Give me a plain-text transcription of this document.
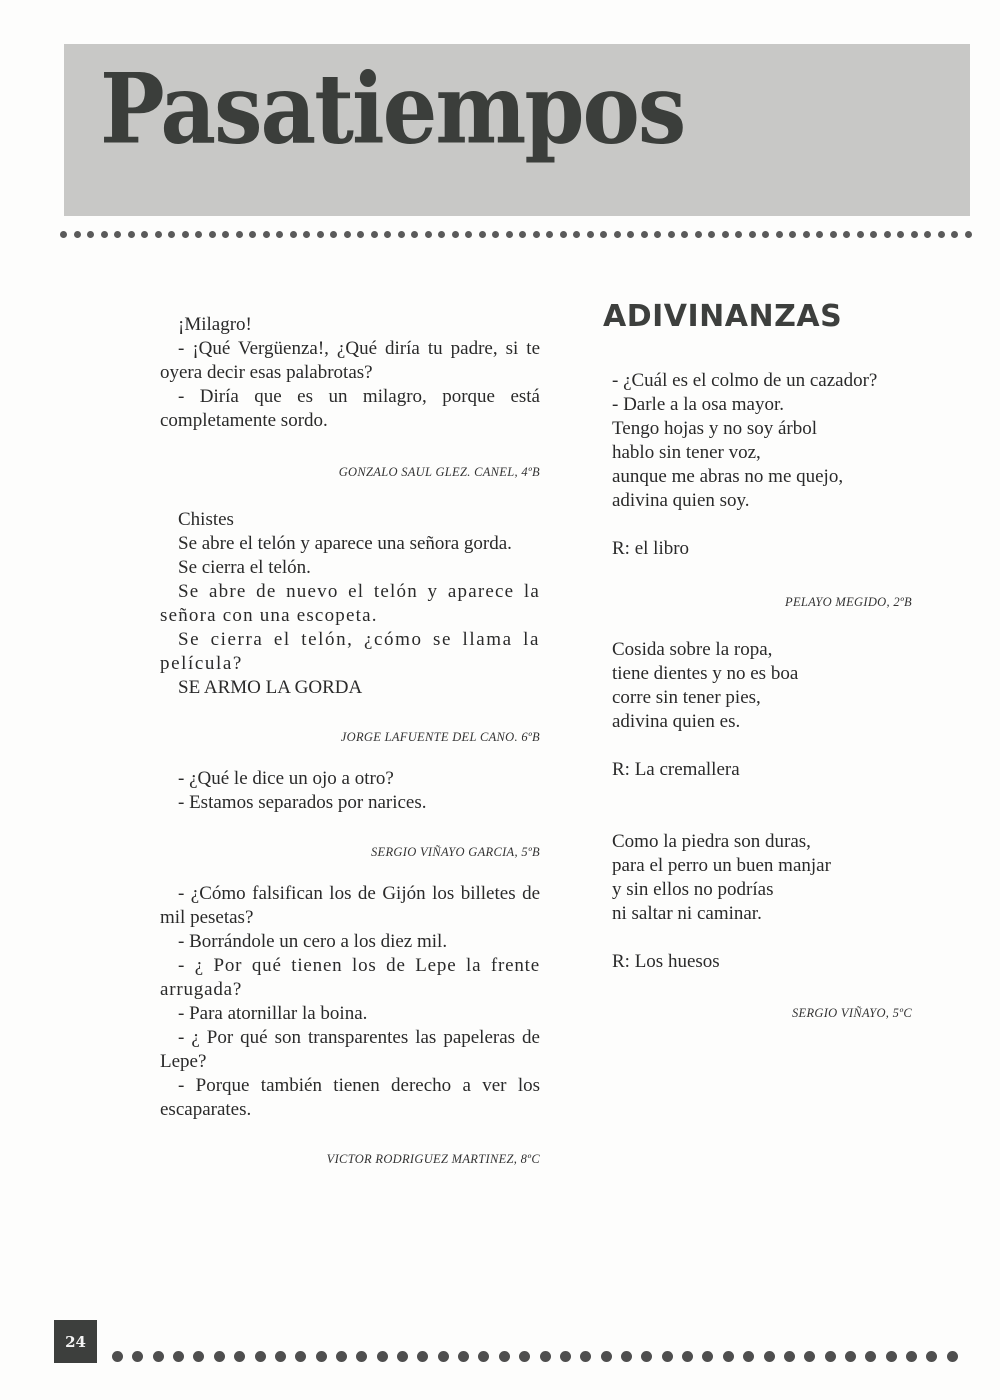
Pasatiempos

¡Milagro!

- ¡Qué Vergüenza!, ¿Qué diría tu padre, si te oyera decir esas palabrotas?

- Diría que es un milagro, porque está completamente sordo.

GONZALO SAUL GLEZ. CANEL, 4ºB

Chistes

Se abre el telón y aparece una señora gorda.

Se cierra el telón.

Se abre de nuevo el telón y aparece la señora con una escopeta.

Se cierra el telón, ¿cómo se llama la película?

SE ARMO LA GORDA

JORGE LAFUENTE DEL CANO. 6ºB

- ¿Qué le dice un ojo a otro?

- Estamos separados por narices.

SERGIO VIÑAYO GARCIA, 5ºB

- ¿Cómo falsifican los de Gijón los billetes de mil pesetas?

- Borrándole un cero a los diez mil.

- ¿ Por qué tienen los de Lepe la frente arrugada?

- Para atornillar la boina.

- ¿ Por qué son transparentes las papeleras de Lepe?

- Porque también tienen derecho a ver los escaparates.

VICTOR RODRIGUEZ MARTINEZ, 8ºC

ADIVINANZAS

- ¿Cuál es el colmo de un cazador?

- Darle a la osa mayor.

Tengo hojas y no soy árbol

hablo sin tener voz,

aunque me abras no me quejo,

adivina quien soy.

R: el libro

PELAYO MEGIDO, 2ºB

Cosida sobre la ropa,

tiene dientes y no es boa

corre sin tener pies,

adivina quien es.

R: La cremallera

Como la piedra son duras,

para el perro un buen manjar

y sin ellos no podrías

ni saltar ni caminar.

R: Los huesos

SERGIO VIÑAYO, 5ºC

24
